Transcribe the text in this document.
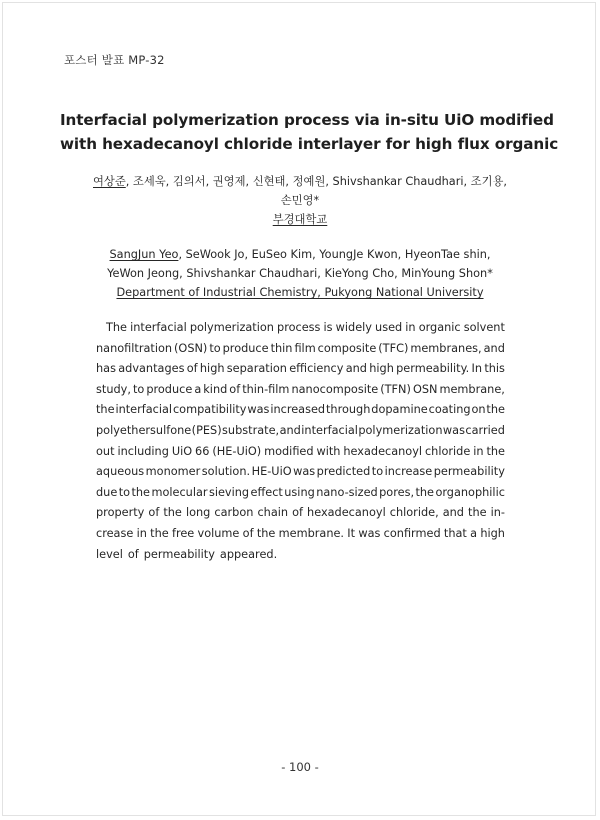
포스터 발표 MP-32
Interfacial polymerization process via in-situ UiO modified
with hexadecanoyl chloride interlayer for high flux organic
여상준, 조세욱, 김의서, 권영제, 신현태, 정예원, Shivshankar Chaudhari, 조기용,
손민영*
부경대학교
SangJun Yeo, SeWook Jo, EuSeo Kim, YoungJe Kwon, HyeonTae shin,
YeWon Jeong, Shivshankar Chaudhari, KieYong Cho, MinYoung Shon*
Department of Industrial Chemistry, Pukyong National University
The interfacial polymerization process is widely used in organic solvent
nanofiltration (OSN) to produce thin film composite (TFC) membranes, and
has advantages of high separation efficiency and high permeability. In this
study, to produce a kind of thin-film nanocomposite (TFN) OSN membrane,
the interfacial compatibility was increased through dopamine coating on the
polyethersulfone (PES) substrate, and interfacial polymerization was carried
out including UiO 66 (HE-UiO) modified with hexadecanoyl chloride in the
aqueous monomer solution. HE-UiO was predicted to increase permeability
due to the molecular sieving effect using nano-sized pores, the organophilic
property of the long carbon chain of hexadecanoyl chloride, and the in-
crease in the free volume of the membrane. It was confirmed that a high
level of permeability appeared.
- 100 -
